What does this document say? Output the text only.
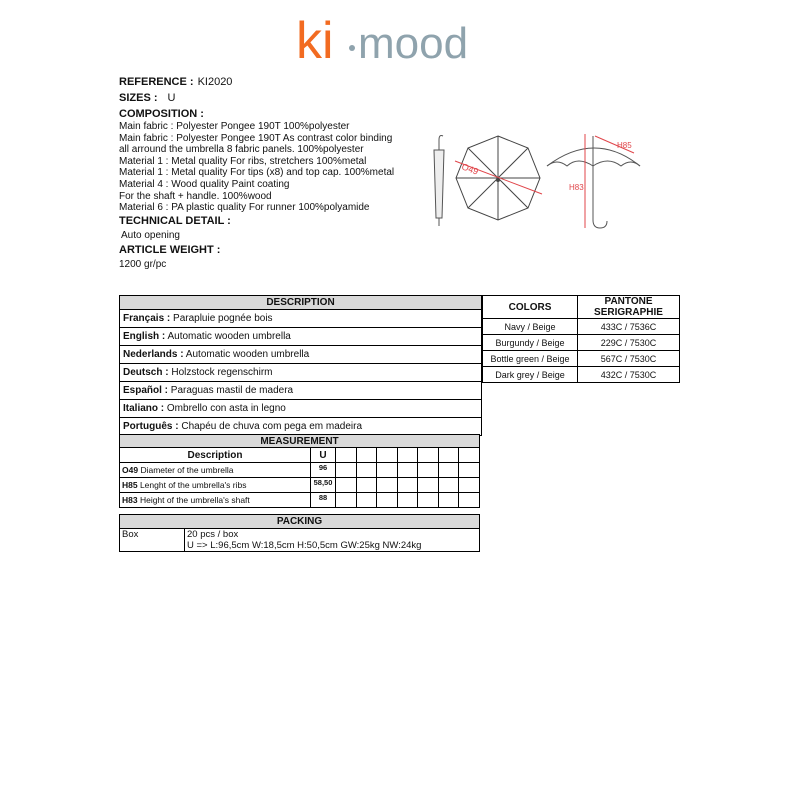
ki mood
REFERENCE : KI2020
SIZES : U
COMPOSITION :
Main fabric : Polyester Pongee 190T 100%polyester
Main fabric : Polyester Pongee 190T As contrast color binding
all arround the umbrella 8 fabric panels. 100%polyester
Material 1 : Metal quality For ribs, stretchers 100%metal
Material 1 : Metal quality For tips (x8) and top cap. 100%metal
Material 4 : Wood quality Paint coating
For the shaft + handle. 100%wood
Material 6 : PA plastic quality For runner 100%polyamide
TECHNICAL DETAIL :
Auto opening
ARTICLE WEIGHT :
1200 gr/pc
O49
H85
H83
DESCRIPTION
Français : Parapluie pognée bois
English : Automatic wooden umbrella
Nederlands : Automatic wooden umbrella
Deutsch : Holzstock regenschirm
Español : Paraguas mastil de madera
Italiano : Ombrello con asta in legno
Português : Chapéu de chuva com pega em madeira
COLORS	PANTONE SERIGRAPHIE
Navy / Beige	433C / 7536C
Burgundy / Beige	229C / 7530C
Bottle green / Beige	567C / 7530C
Dark grey / Beige	432C / 7530C
MEASUREMENT								
Description	U							
O49 Diameter of the umbrella	96							
H85 Lenght of the umbrella's ribs	58,50							
H83 Height of the umbrella's shaft	88							
PACKING
Box	20 pcs / box
U => L:96,5cm W:18,5cm H:50,5cm GW:25kg NW:24kg
